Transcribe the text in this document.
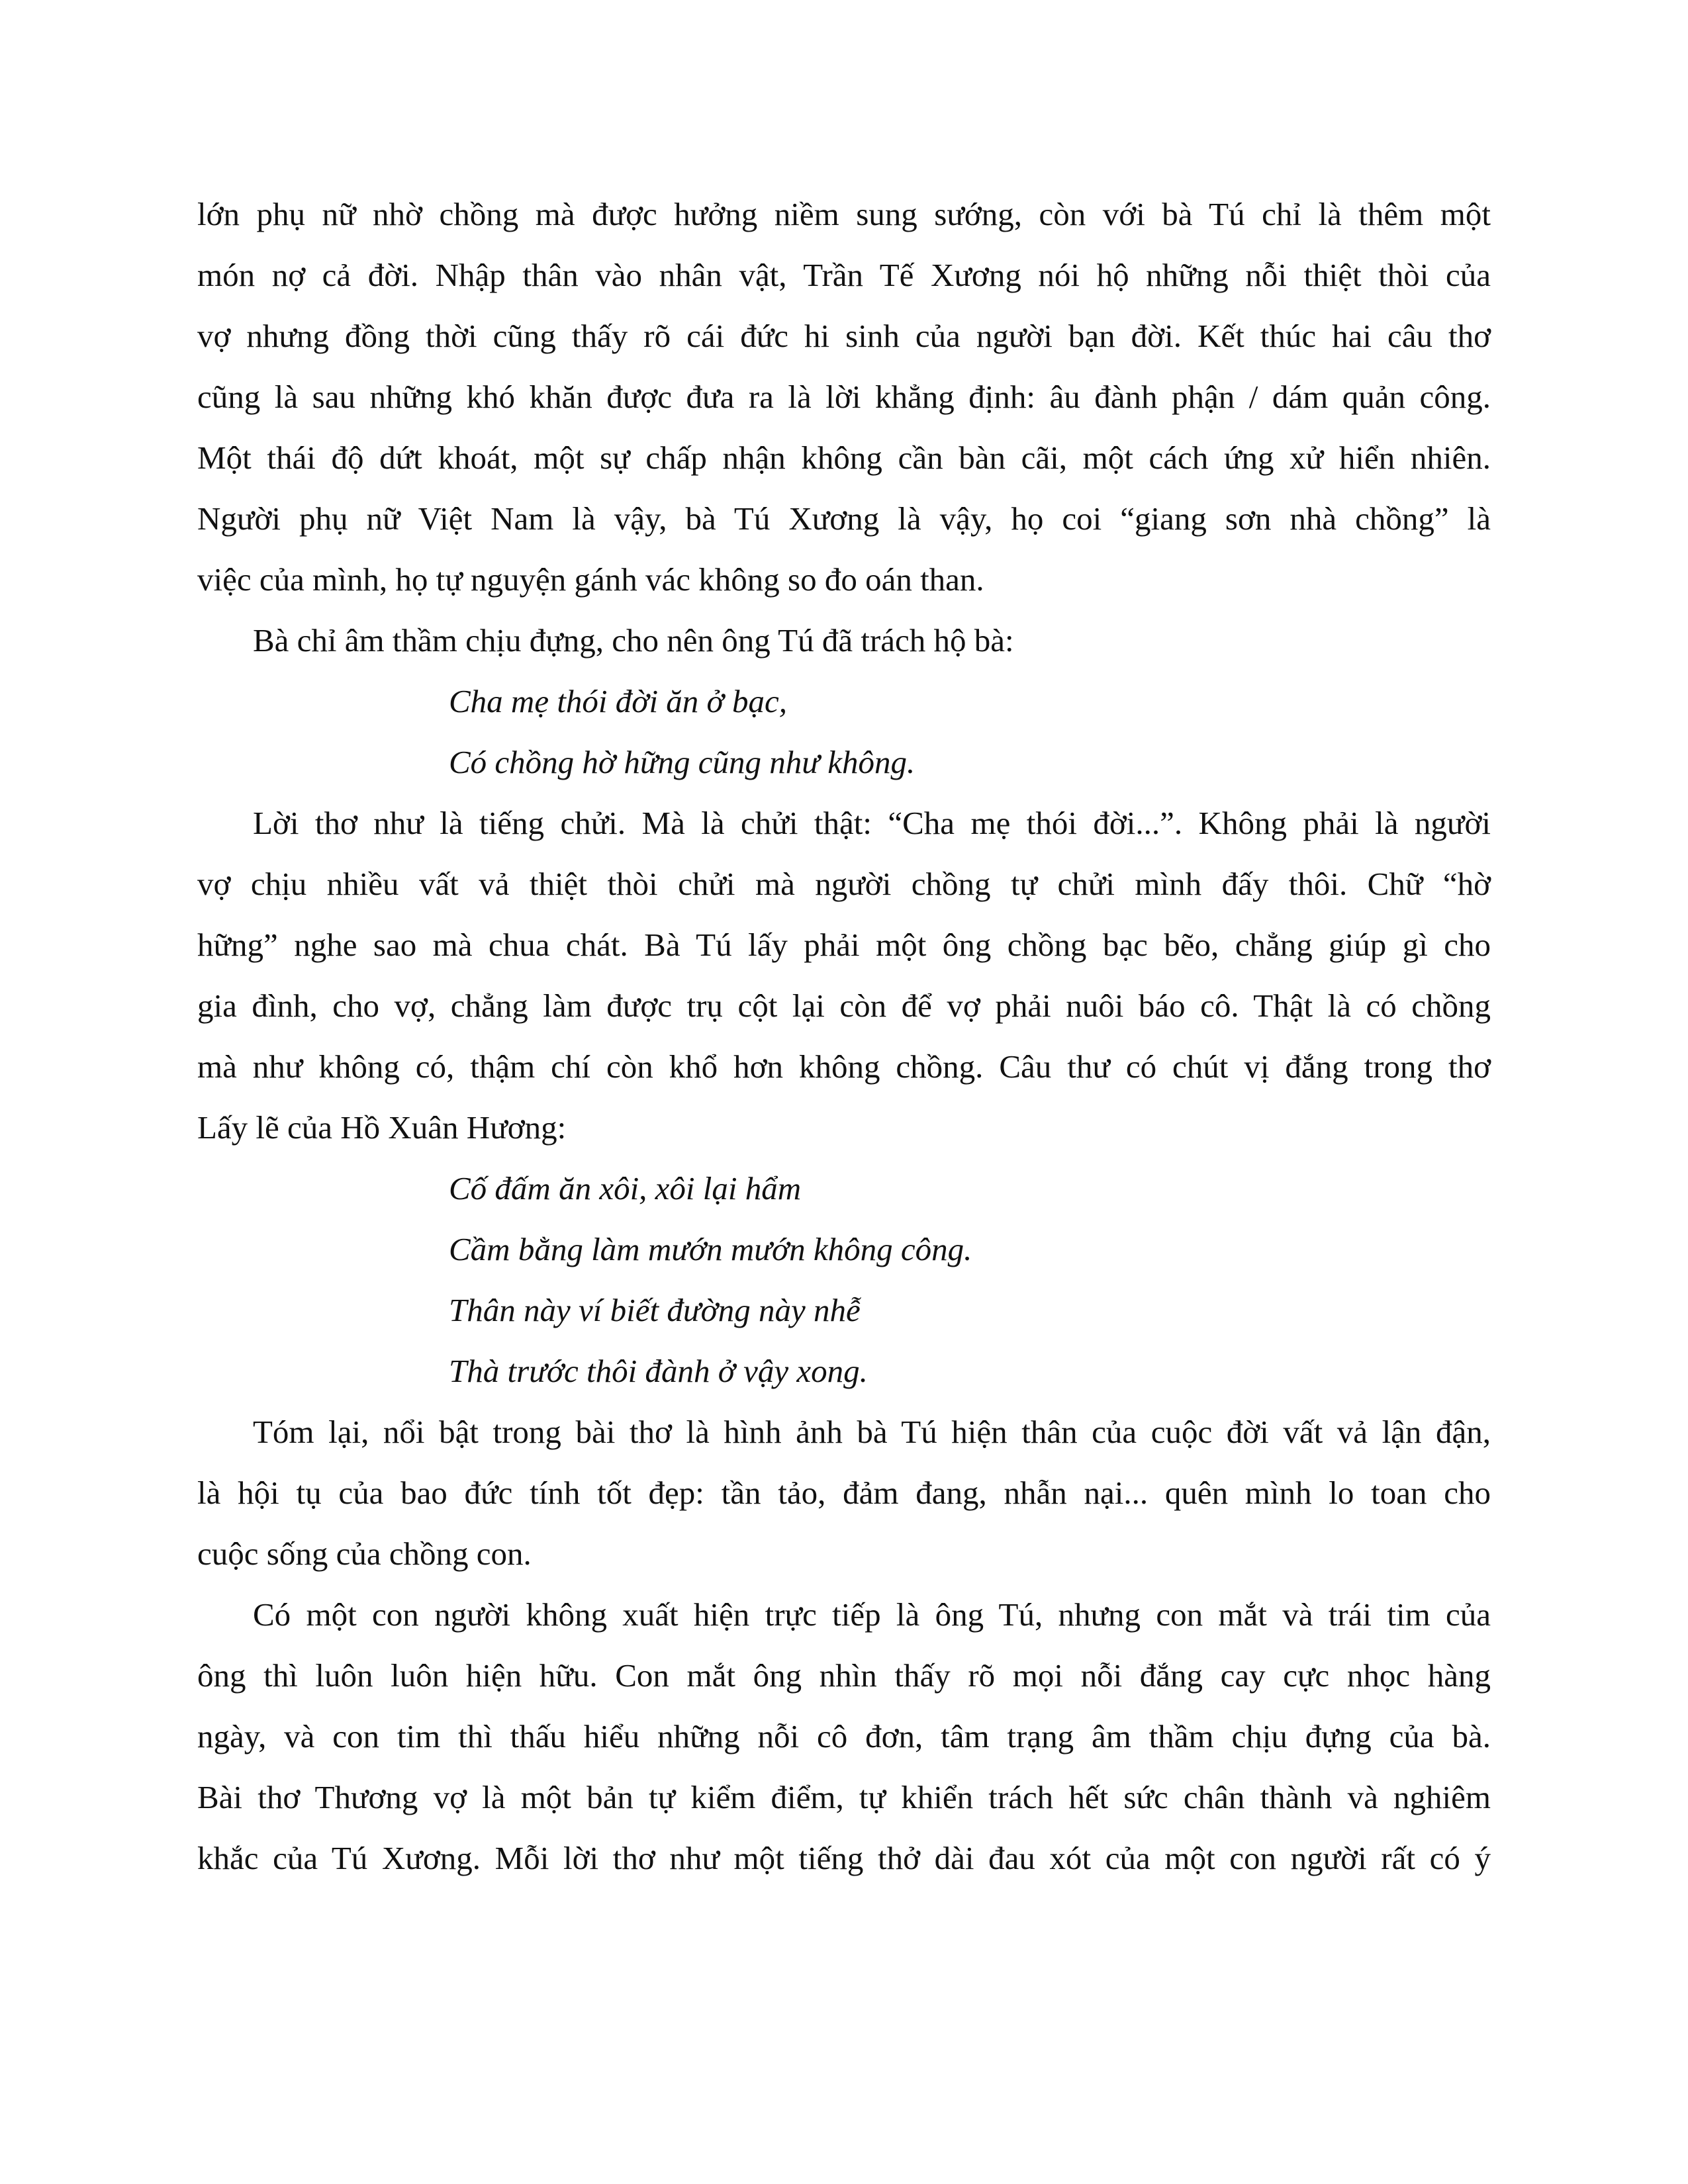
lớn phụ nữ nhờ chồng mà được hưởng niềm sung sướng, còn với bà Tú chỉ là thêm một
món nợ cả đời. Nhập thân vào nhân vật, Trần Tế Xương nói hộ những nỗi thiệt thòi của
vợ nhưng đồng thời cũng thấy rõ cái đức hi sinh của người bạn đời. Kết thúc hai câu thơ
cũng là sau những khó khăn được đưa ra là lời khẳng định: âu đành phận / dám quản công.
Một thái độ dứt khoát, một sự chấp nhận không cần bàn cãi, một cách ứng xử hiển nhiên.
Người phụ nữ Việt Nam là vậy, bà Tú Xương là vậy, họ coi “giang sơn nhà chồng” là
việc của mình, họ tự nguyện gánh vác không so đo oán than.
Bà chỉ âm thầm chịu đựng, cho nên ông Tú đã trách hộ bà:
Cha mẹ thói đời ăn ở bạc,
Có chồng hờ hững cũng như không.
Lời thơ như là tiếng chửi. Mà là chửi thật: “Cha mẹ thói đời...”. Không phải là người
vợ chịu nhiều vất vả thiệt thòi chửi mà người chồng tự chửi mình đấy thôi. Chữ “hờ
hững” nghe sao mà chua chát. Bà Tú lấy phải một ông chồng bạc bẽo, chẳng giúp gì cho
gia đình, cho vợ, chẳng làm được trụ cột lại còn để vợ phải nuôi báo cô. Thật là có chồng
mà như không có, thậm chí còn khổ hơn không chồng. Câu thư có chút vị đắng trong thơ
Lấy lẽ của Hồ Xuân Hương:
Cố đấm ăn xôi, xôi lại hẩm
Cầm bằng làm mướn mướn không công.
Thân này ví biết đường này nhễ
Thà trước thôi đành ở vậy xong.
Tóm lại, nổi bật trong bài thơ là hình ảnh bà Tú hiện thân của cuộc đời vất vả lận đận,
là hội tụ của bao đức tính tốt đẹp: tần tảo, đảm đang, nhẫn nại... quên mình lo toan cho
cuộc sống của chồng con.
Có một con người không xuất hiện trực tiếp là ông Tú, nhưng con mắt và trái tim của
ông thì luôn luôn hiện hữu. Con mắt ông nhìn thấy rõ mọi nỗi đắng cay cực nhọc hàng
ngày, và con tim thì thấu hiểu những nỗi cô đơn, tâm trạng âm thầm chịu đựng của bà.
Bài thơ Thương vợ là một bản tự kiểm điểm, tự khiển trách hết sức chân thành và nghiêm
khắc của Tú Xương. Mỗi lời thơ như một tiếng thở dài đau xót của một con người rất có ý
